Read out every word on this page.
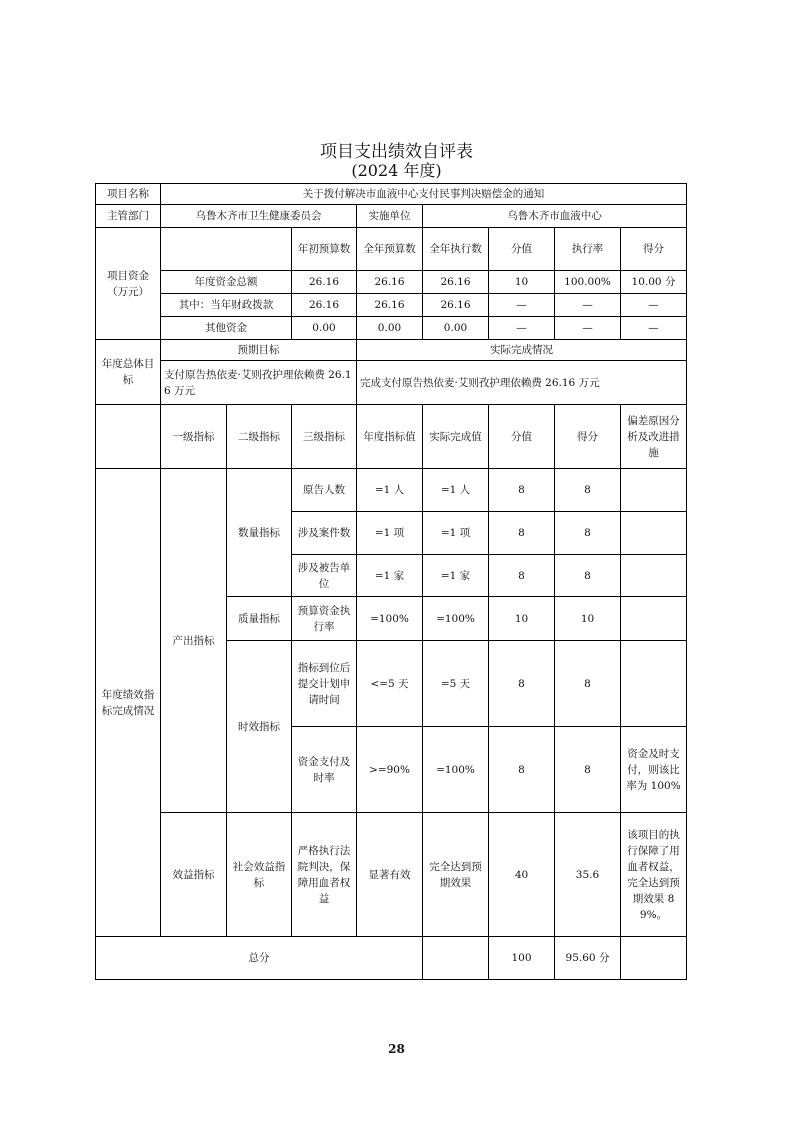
项目支出绩效自评表
(2024 年度)
项目名称	关于拨付解决市血液中心支付民事判决赔偿金的通知							
主管部门	乌鲁木齐市卫生健康委员会			实施单位	乌鲁木齐市血液中心			
项目资金
（万元）			年初预算数	全年预算数	全年执行数	分值	执行率	得分
	年度资金总额		26.16	26.16	26.16	10	100.00%	10.00 分
	其中：当年财政拨款		26.16	26.16	26.16	—	—	—
	其他资金		0.00	0.00	0.00	—	—	—
年度总体目标	预期目标			实际完成情况				
	支付原告热依麦·艾则孜护理依赖费 26.16 万元			完成支付原告热依麦·艾则孜护理依赖费 26.16 万元				
	一级指标	二级指标	三级指标	年度指标值	实际完成值	分值	得分	偏差原因分析及改进措施
年度绩效指标完成情况	产出指标	数量指标	原告人数	=1 人	=1 人	8	8	
			涉及案件数	=1 项	=1 项	8	8	
			涉及被告单位	=1 家	=1 家	8	8	
		质量指标	预算资金执行率	=100%	=100%	10	10	
		时效指标	指标到位后提交计划申请时间	<=5 天	=5 天	8	8	
			资金支付及时率	>=90%	=100%	8	8	资金及时支付，则该比率为 100%
	效益指标	社会效益指标	严格执行法院判决，保障用血者权益	显著有效	完全达到预期效果	40	35.6	该项目的执行保障了用血者权益，完全达到预期效果 89%。
总分						100	95.60 分	
28
